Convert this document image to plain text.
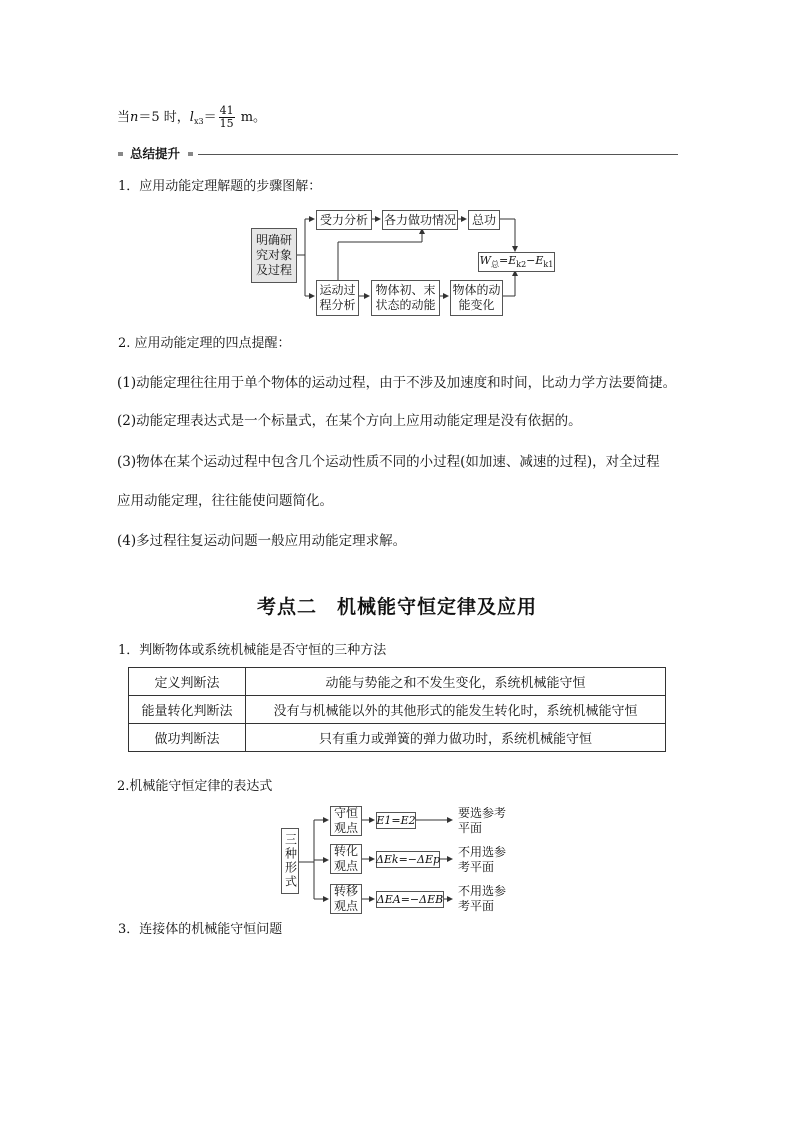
当n＝5 时，$l_{x3}= \frac{41}{15}$ m。
总结提升
1．应用动能定理解题的步骤图解：
明确研究对象及过程
受力分析 各力做功情况 总功
$W_总=E_{k2}-E_{k1}$
运动过程分析
物体初、末状态的动能
物体的动能变化
2. 应用动能定理的四点提醒：
(1)动能定理往往用于单个物体的运动过程，由于不涉及加速度和时间，比动力学方法要简捷。
(2)动能定理表达式是一个标量式，在某个方向上应用动能定理是没有依据的。
(3)物体在某个运动过程中包含几个运动性质不同的小过程(如加速、减速的过程)，对全过程
应用动能定理，往往能使问题简化。
(4)多过程往复运动问题一般应用动能定理求解。
考点二　机械能守恒定律及应用
1．判断物体或系统机械能是否守恒的三种方法
定义判断法	动能与势能之和不发生变化，系统机械能守恒
能量转化判断法	没有与机械能以外的其他形式的能发生转化时，系统机械能守恒
做功判断法	只有重力或弹簧的弹力做功时，系统机械能守恒
2.机械能守恒定律的表达式
三种形式
守恒观点
E1=E2
要选参考平面
转化观点 ΔEk=−ΔEp
不用选参考平面
转移观点 ΔEA=−ΔEB
不用选参考平面
3．连接体的机械能守恒问题
